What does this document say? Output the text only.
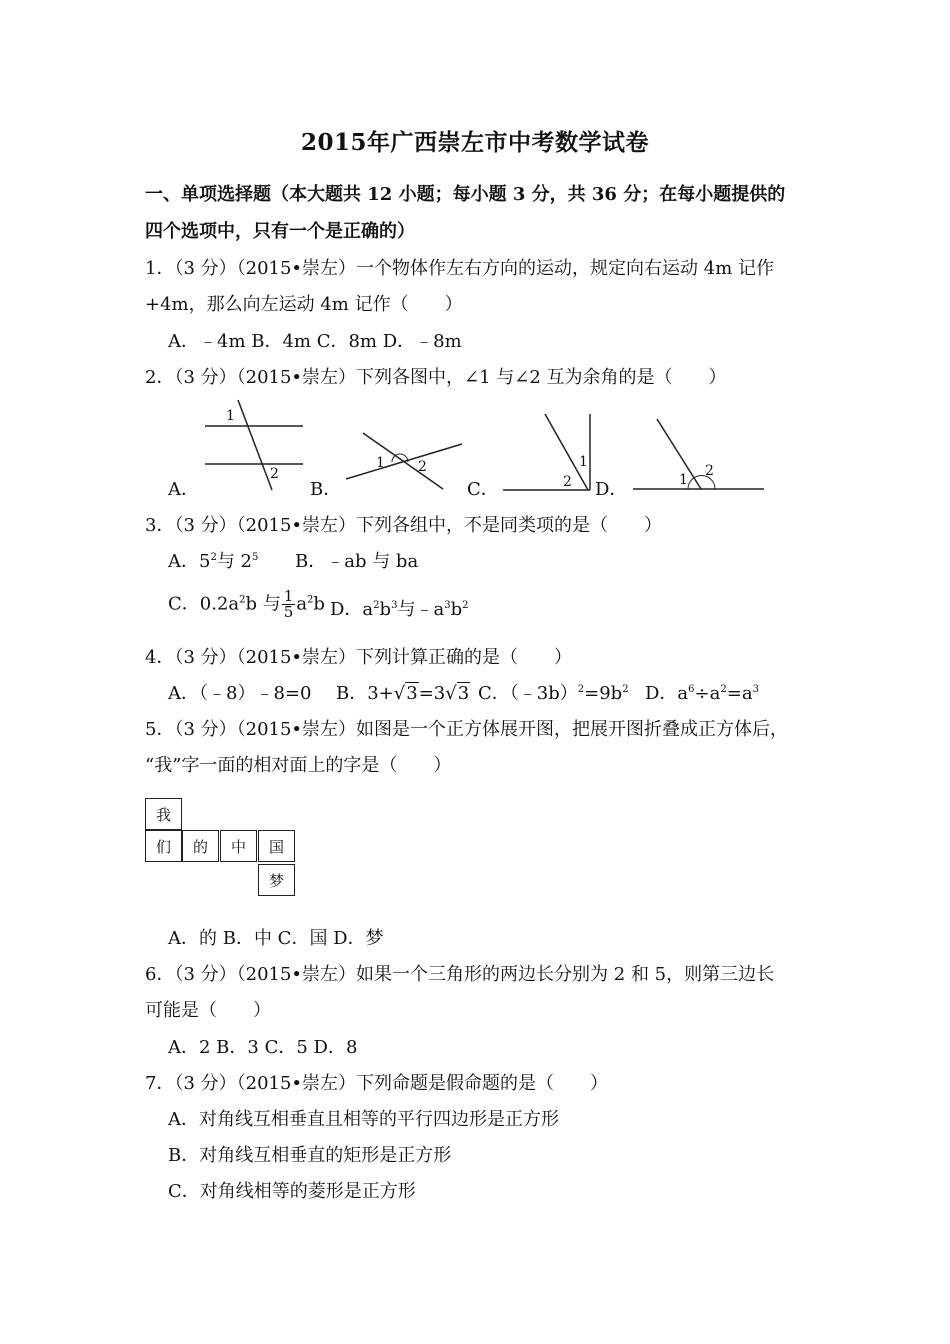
2015年广西崇左市中考数学试卷
一、单项选择题（本大题共 12 小题；每小题 3 分，共 36 分；在每小题提供的
四个选项中，只有一个是正确的）
1．（3 分）（2015•崇左）一个物体作左右方向的运动，规定向右运动 4m 记作
+4m，那么向左运动 4m 记作（　　）
A．﹣4m B．4m C．8m D．﹣8m
2．（3 分）（2015•崇左）下列各图中，∠1 与∠2 互为余角的是（　　）
A．	B．	C．	D．
1
2
1 2	1
2	1
2
3．（3 分）（2015•崇左）下列各组中，不是同类项的是（　　）
A．$5^2$与 $2^5$ B．﹣ab 与 ba
C．$0.2a^2b$ 与 $\frac{1}{5} a^2b$ D．$a^2b^3$与$﹣a^3b^2$
4．（3 分）（2015•崇左）下列计算正确的是（　　）
A．（﹣8）﹣8=0 B．3+√3=3√3 C．$(﹣3b)^2=9b^2$ D．$a^6\div a^2=a^3$
5．（3 分）（2015•崇左）如图是一个正方体展开图，把展开图折叠成正方体后，
“我”字一面的相对面上的字是（　　）
我
们	的	中	国
梦
A．的 B．中 C．国 D．梦
6．（3 分）（2015•崇左）如果一个三角形的两边长分别为 2 和 5，则第三边长
可能是（　　）
A．2 B．3 C．5 D．8
7．（3 分）（2015•崇左）下列命题是假命题的是（　　）
A．对角线互相垂直且相等的平行四边形是正方形
B．对角线互相垂直的矩形是正方形
C．对角线相等的菱形是正方形
